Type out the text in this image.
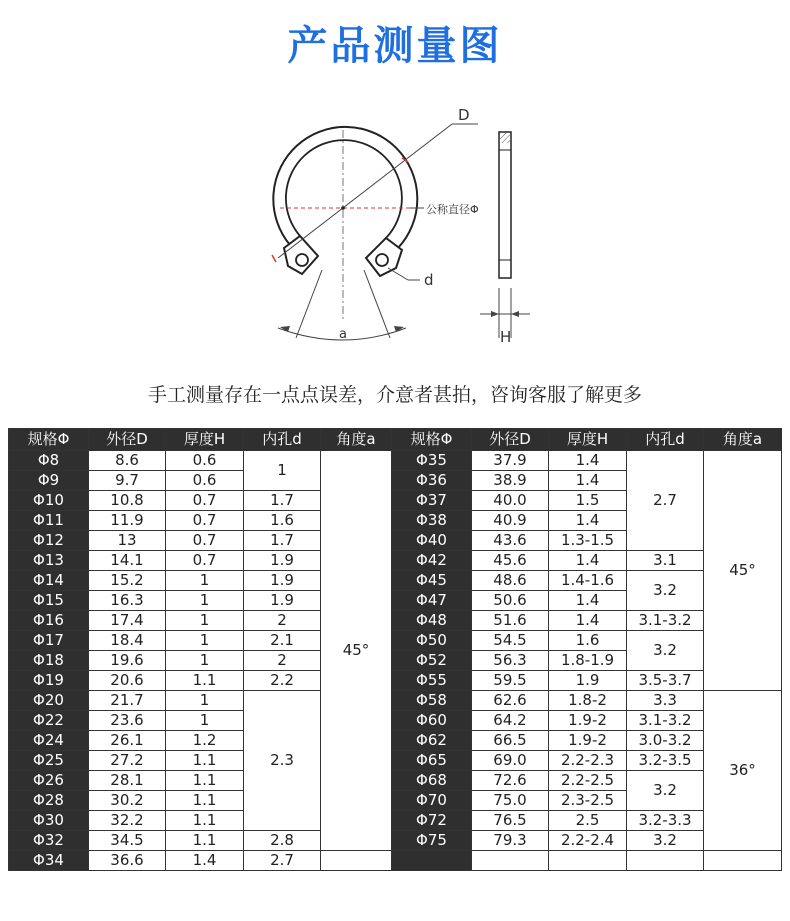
产品测量图
D
公称直径Φ
d
a	H
手工测量存在一点点误差，介意者甚拍，咨询客服了解更多
规格Φ	外径D	厚度H	内孔d	角度a	规格Φ	外径D	厚度H	内孔d	角度a
Φ8	8.6	0.6	1	45°	Φ35	37.9	1.4	2.7	45°
Φ9	9.7	0.6			Φ36	38.9	1.4		
Φ10	10.8	0.7	1.7		Φ37	40.0	1.5		
Φ11	11.9	0.7	1.6		Φ38	40.9	1.4		
Φ12	13	0.7	1.7		Φ40	43.6	1.3-1.5		
Φ13	14.1	0.7	1.9		Φ42	45.6	1.4	3.1	
Φ14	15.2	1	1.9		Φ45	48.6	1.4-1.6	3.2	
Φ15	16.3	1	1.9		Φ47	50.6	1.4		
Φ16	17.4	1	2		Φ48	51.6	1.4	3.1-3.2	
Φ17	18.4	1	2.1		Φ50	54.5	1.6	3.2	
Φ18	19.6	1	2		Φ52	56.3	1.8-1.9		
Φ19	20.6	1.1	2.2		Φ55	59.5	1.9	3.5-3.7	
Φ20	21.7	1	2.3		Φ58	62.6	1.8-2	3.3	36°
Φ22	23.6	1			Φ60	64.2	1.9-2	3.1-3.2	
Φ24	26.1	1.2			Φ62	66.5	1.9-2	3.0-3.2	
Φ25	27.2	1.1			Φ65	69.0	2.2-2.3	3.2-3.5	
Φ26	28.1	1.1			Φ68	72.6	2.2-2.5	3.2	
Φ28	30.2	1.1			Φ70	75.0	2.3-2.5		
Φ30	32.2	1.1			Φ72	76.5	2.5	3.2-3.3	
Φ32	34.5	1.1	2.8		Φ75	79.3	2.2-2.4	3.2	
Φ34	36.6	1.4	2.7						
